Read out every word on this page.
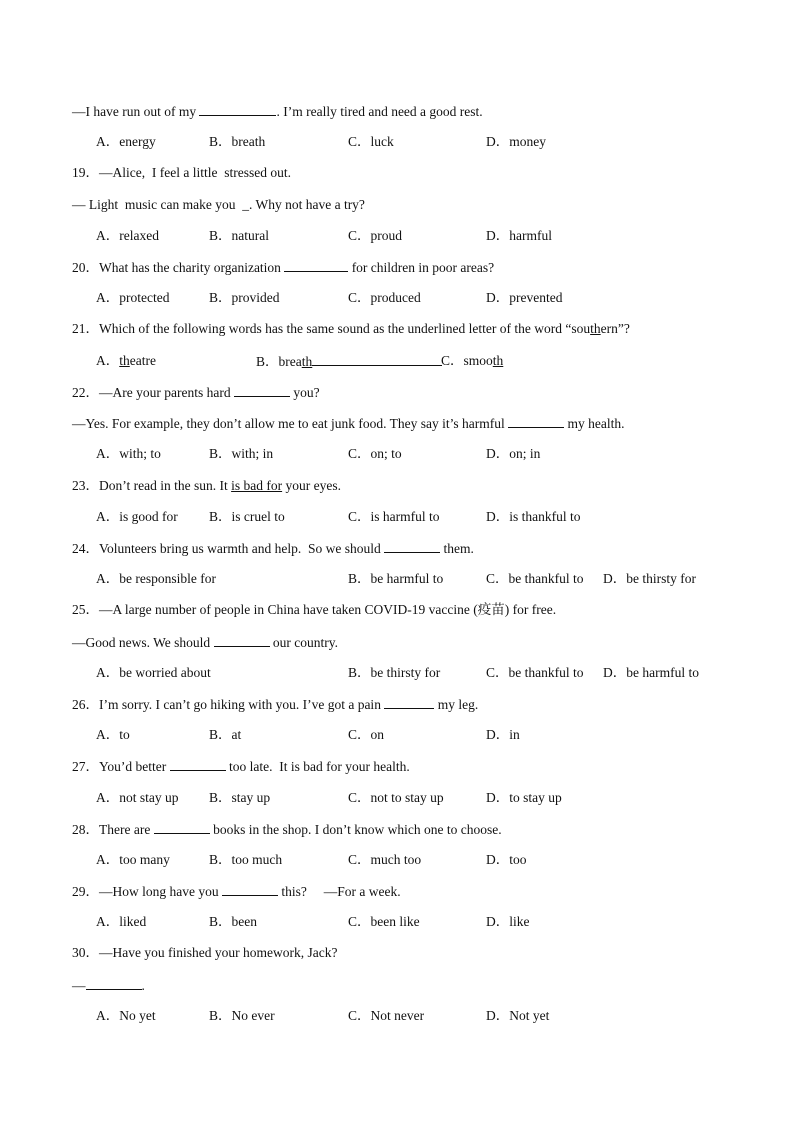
—I have run out of my	. I’m really tired and need a good rest.
A．energy	B．breath	C．luck	D．money
19．—Alice,  I feel a little  stressed out.
— Light  music can make you  _. Why not have a try?
A．relaxed	B．natural	C．proud	D．harmful
20．What has the charity organization	for children in poor areas?
A．protected	B．provided	C．produced	D．prevented
21．Which of the following words has the same sound as the underlined letter of the word “southern”?
A．theatre	B．breath	C．smooth
22．—Are your parents hard	you?
—Yes. For example, they don’t allow me to eat junk food. They say it’s harmful	my health.
A．with; to	B．with; in	C．on; to	D．on; in
23．Don’t read in the sun. It is bad for your eyes.
A．is good for B．is cruel to	C．is harmful to	D．is thankful to
24．Volunteers bring us warmth and help.  So we should	them.
A．be responsible for	B．be harmful to	C．be thankful to D．be thirsty for
25．—A large number of people in China have taken COVID-19 vaccine (疫苗) for free.
—Good news. We should	our country.
A．be worried about	B．be thirsty for	C．be thankful to D．be harmful to
26．I’m sorry. I can’t go hiking with you. I’ve got a pain	my leg.
A．to	B．at	C．on	D．in
27．You’d better	too late.  It is bad for your health.
A．not stay up B．stay up	C．not to stay up	D．to stay up
28．There are	books in the shop. I don’t know which one to choose.
A．too many	B．too much	C．much too	D．too
29．—How long have you	this?     —For a week.
A．liked	B．been	C．been like	D．like
30．—Have you finished your homework, Jack?
—	.
A．No yet	B．No ever	C．Not never	D．Not yet
